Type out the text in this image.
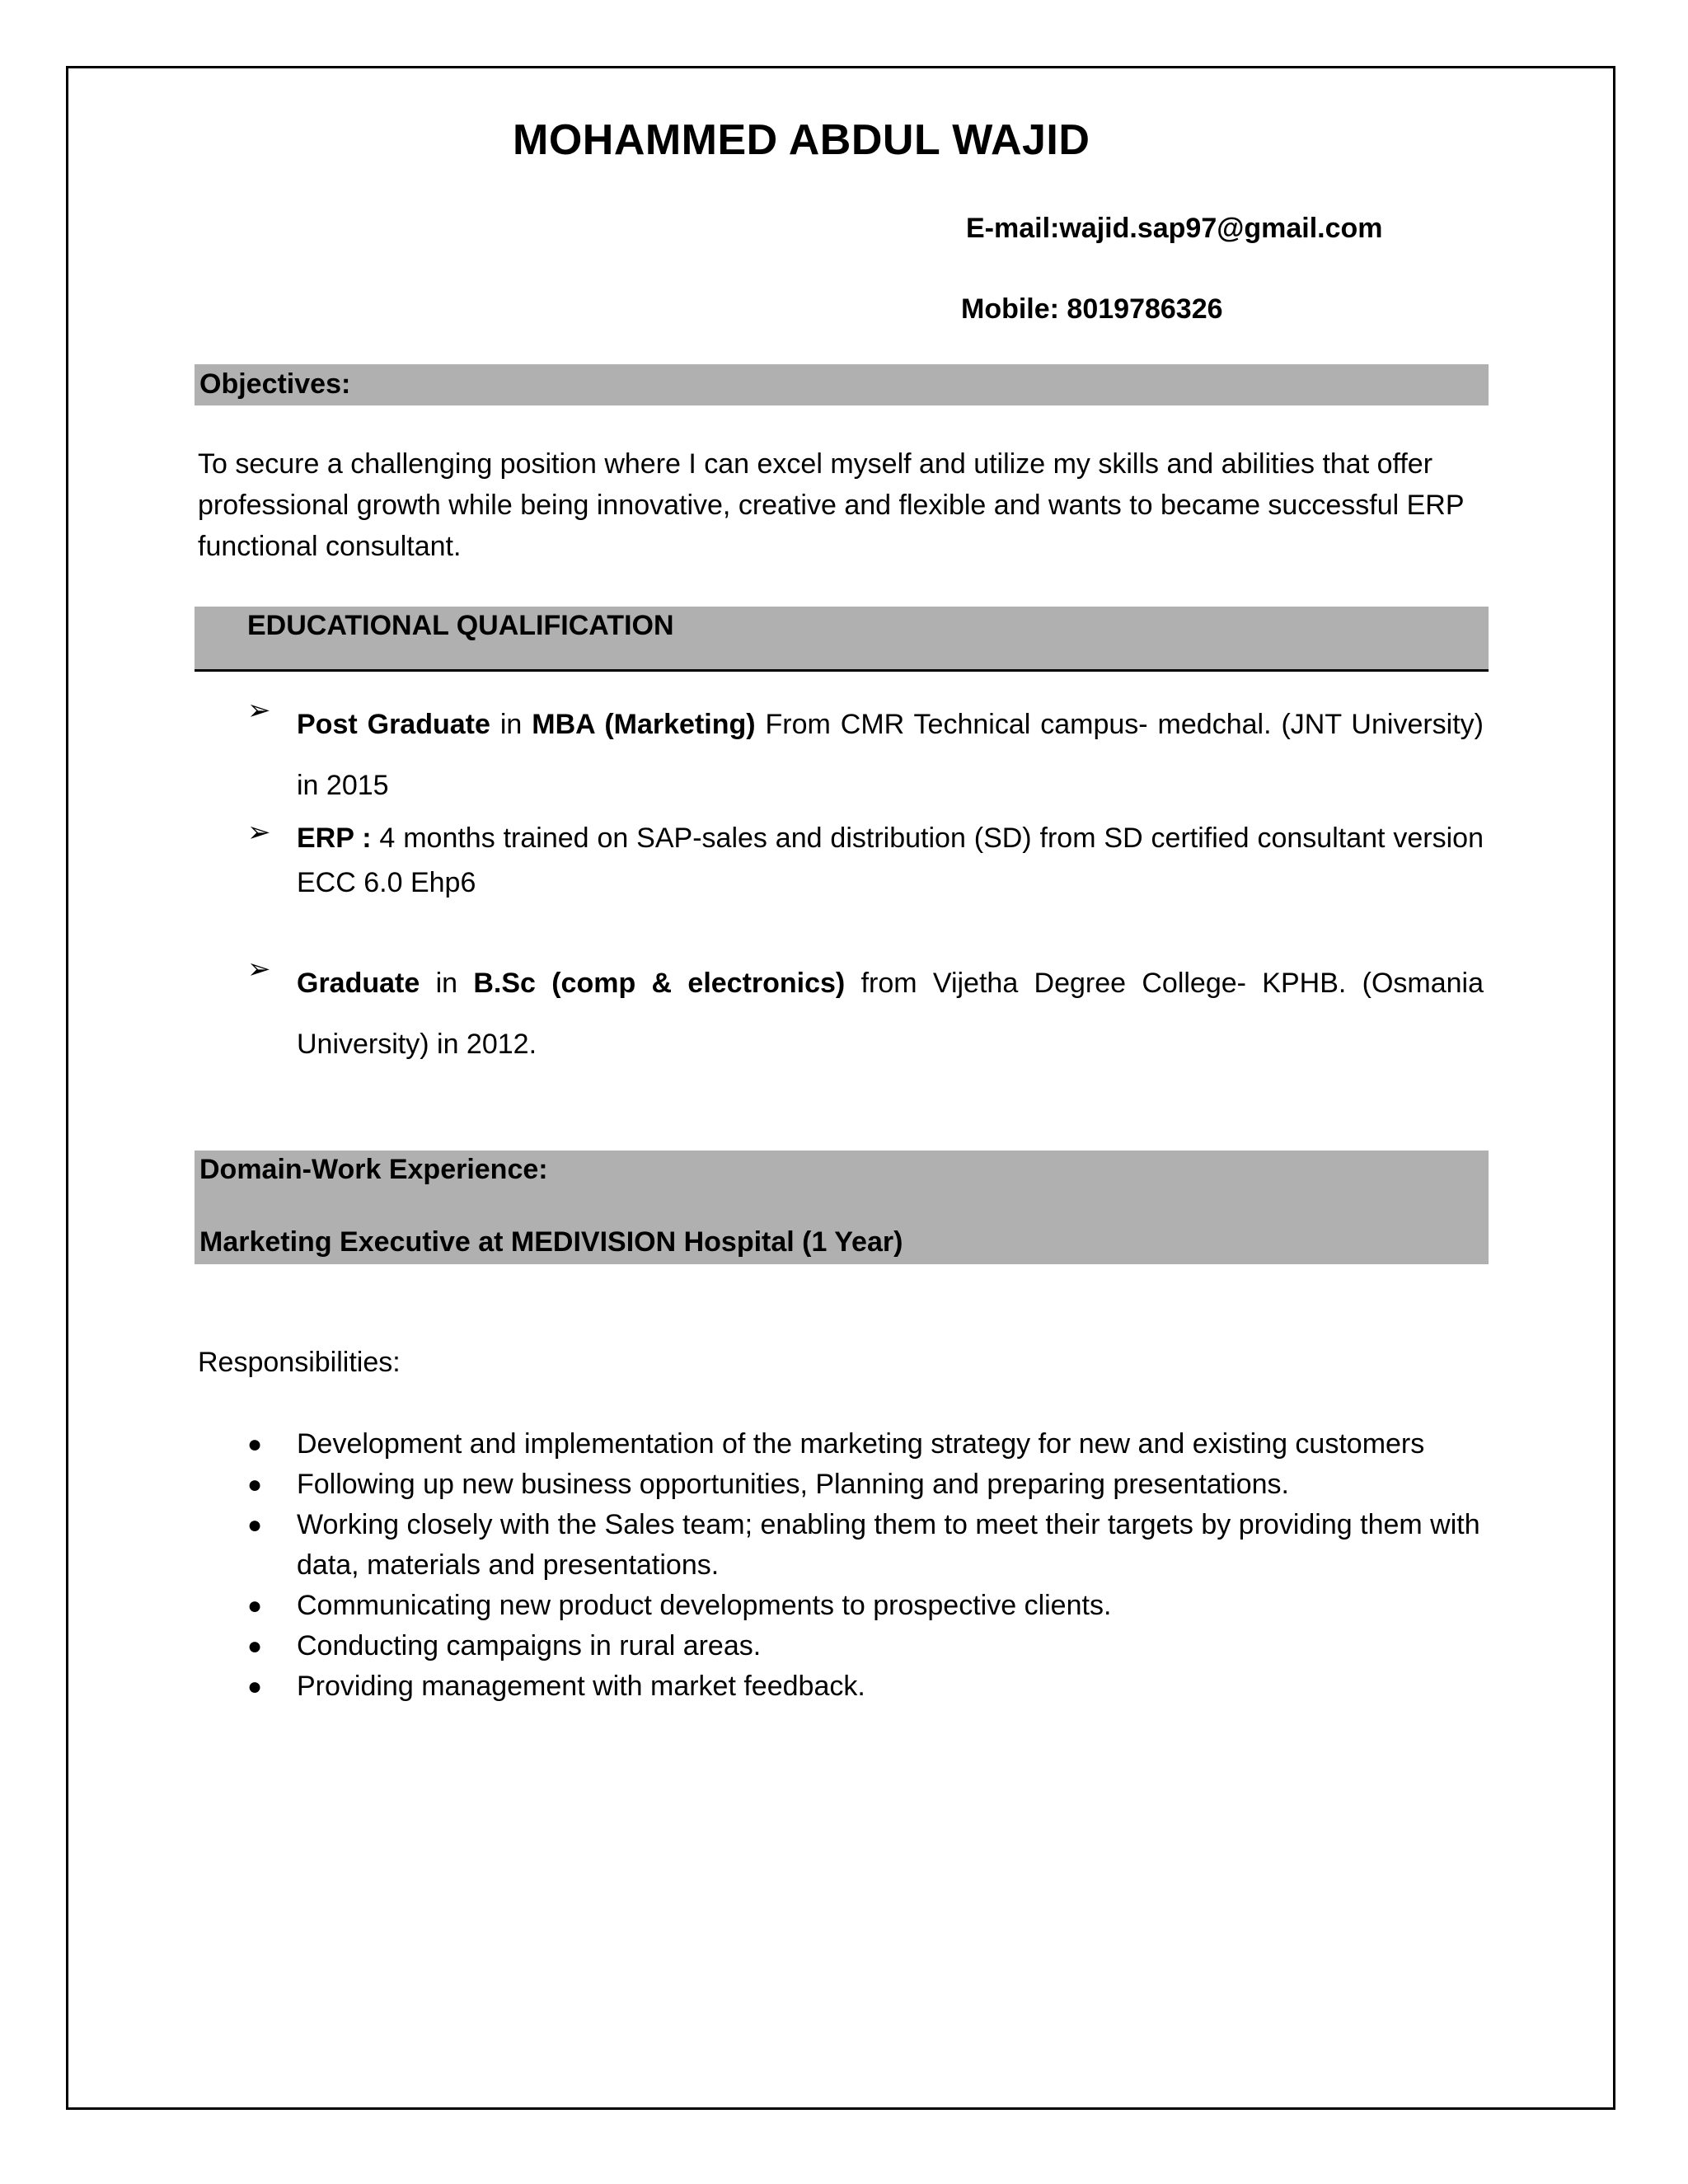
MOHAMMED ABDUL WAJID
E-mail:wajid.sap97@gmail.com
Mobile: 8019786326
Objectives:
To secure a challenging position where I can excel myself and utilize my skills and abilities that offer professional growth while being innovative, creative and flexible and wants to became successful ERP functional consultant.
EDUCATIONAL QUALIFICATION
➢ Post Graduate in MBA (Marketing) From CMR Technical campus- medchal. (JNT University) in 2015
➢ ERP : 4 months trained on SAP-sales and distribution (SD) from SD certified consultant version ECC 6.0 Ehp6
➢ Graduate in B.Sc (comp & electronics) from Vijetha Degree College- KPHB. (Osmania University) in 2012.
Domain-Work Experience:
Marketing Executive at MEDIVISION Hospital (1 Year)
Responsibilities:
● Development and implementation of the marketing strategy for new and existing customers
● Following up new business opportunities, Planning and preparing presentations.
● Working closely with the Sales team; enabling them to meet their targets by providing them with data, materials and presentations.
● Communicating new product developments to prospective clients.
● Conducting campaigns in rural areas.
● Providing management with market feedback.
